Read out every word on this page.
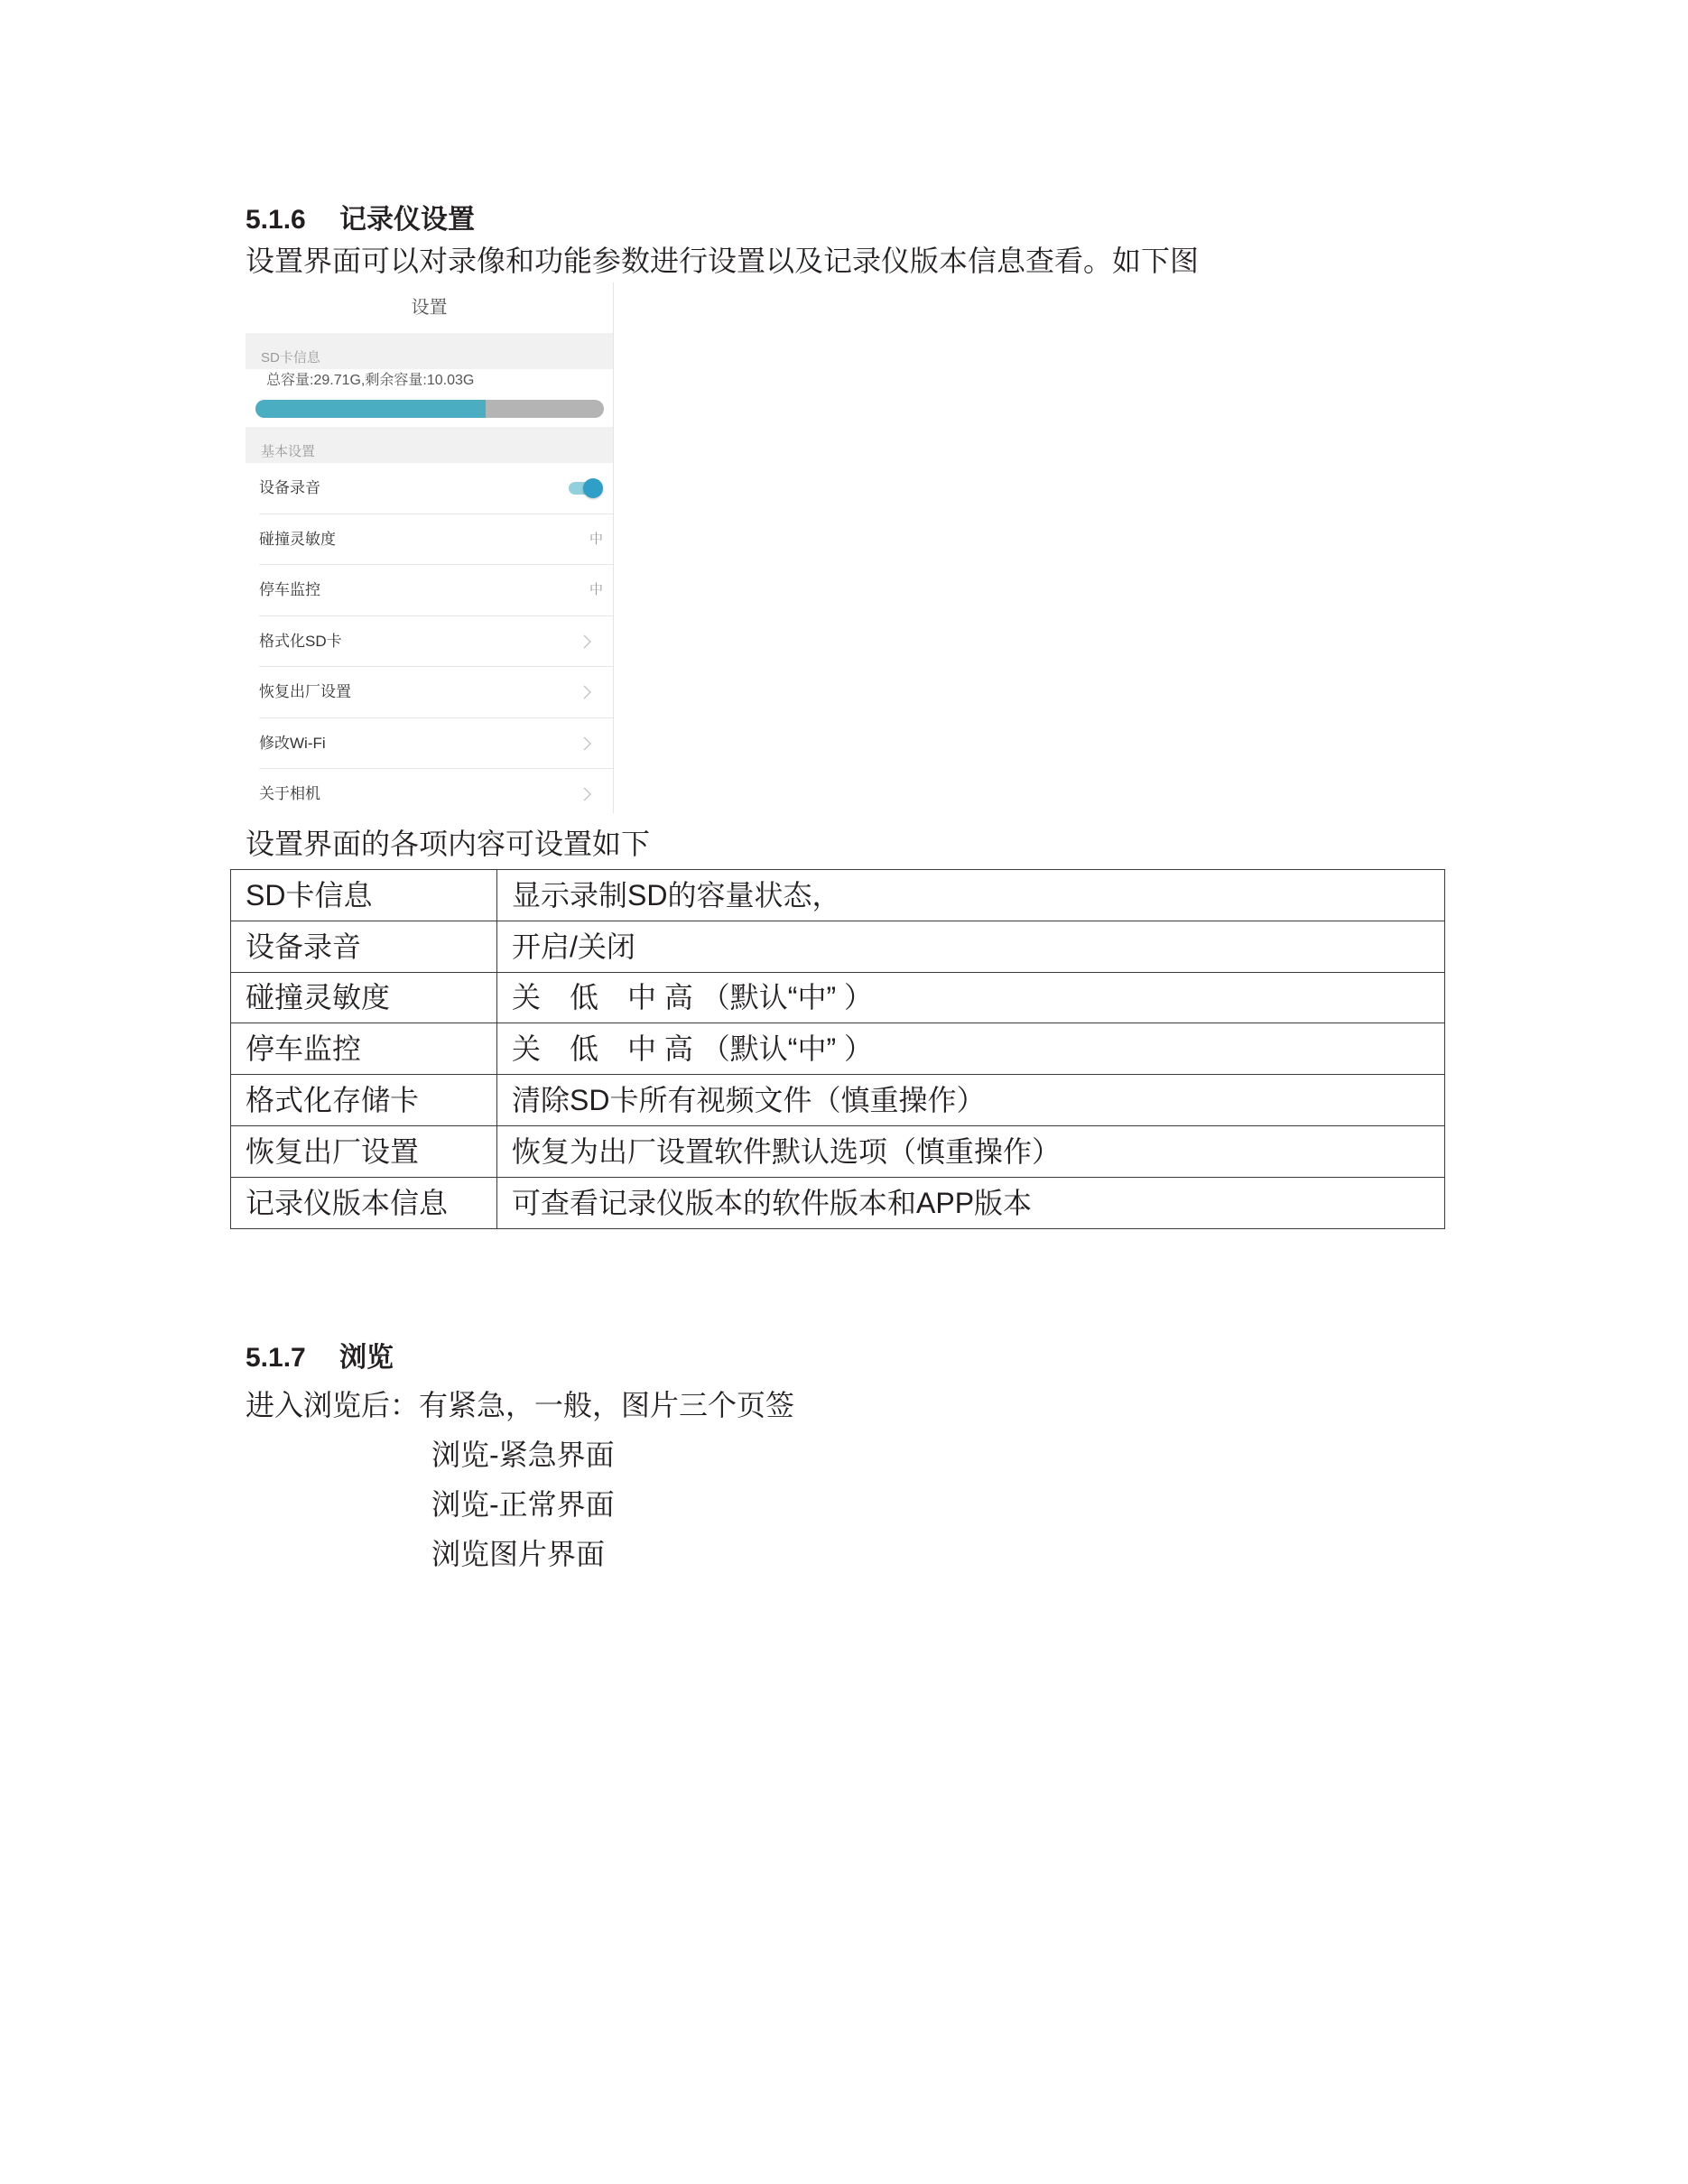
5.1.6 记录仪设置
设置界面可以对录像和功能参数进行设置以及记录仪版本信息查看。如下图
设置
SD卡信息
总容量:29.71G,剩余容量:10.03G
基本设置
设备录音
碰撞灵敏度	中
停车监控	中
格式化SD卡
恢复出厂设置
修改Wi-Fi
关于相机
设置界面的各项内容可设置如下
SD卡信息	显示录制SD的容量状态，
设备录音	开启/关闭
碰撞灵敏度	关　低　中 高 （默认“中” ）
停车监控	关　低　中 高 （默认“中” ）
格式化存储卡	清除SD卡所有视频文件（慎重操作）
恢复出厂设置	恢复为出厂设置软件默认选项（慎重操作）
记录仪版本信息	可查看记录仪版本的软件版本和APP版本
5.1.7 浏览
进入浏览后：有紧急，一般，图片三个页签
浏览-紧急界面
浏览-正常界面
浏览图片界面
